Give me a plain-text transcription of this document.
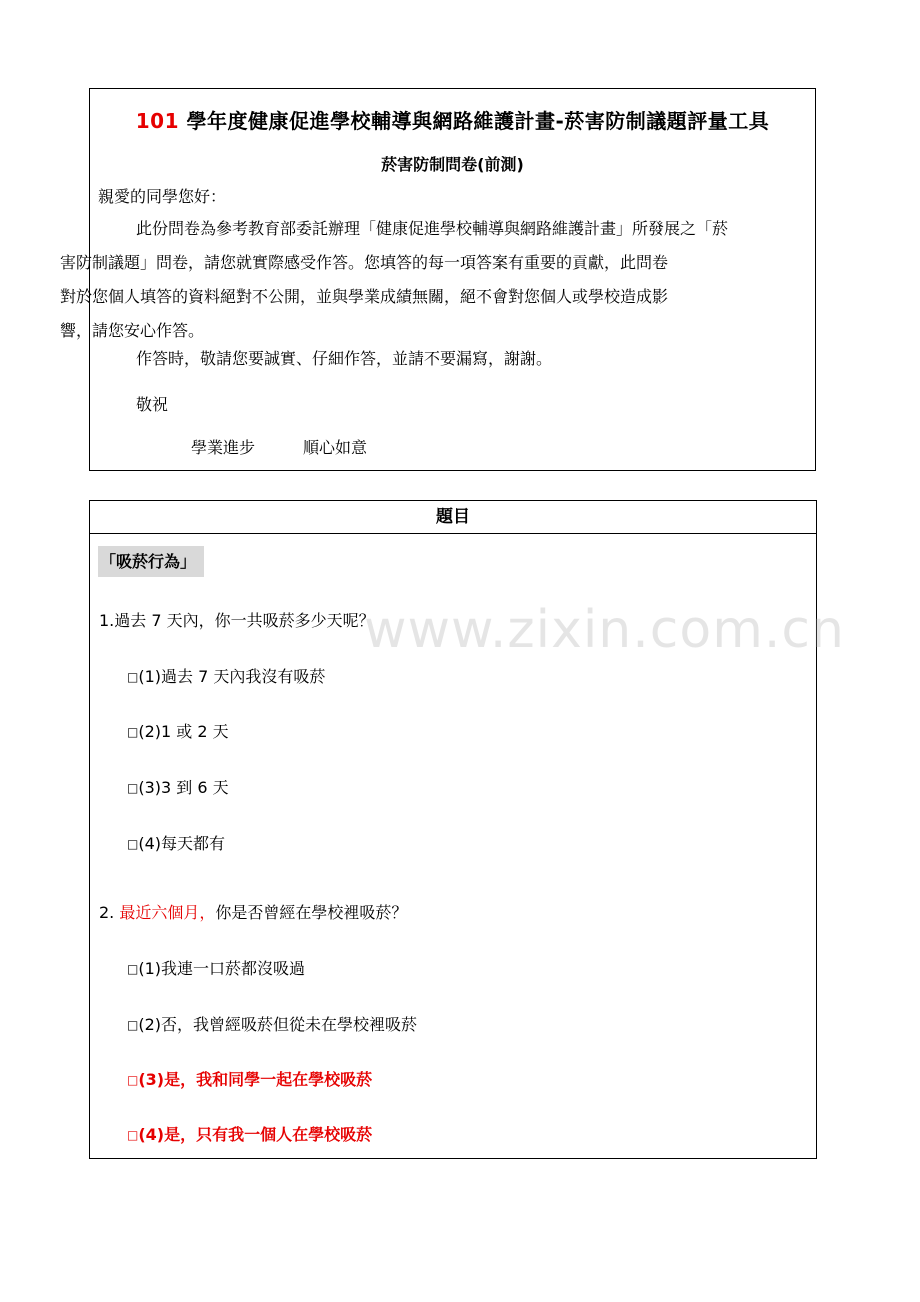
101 學年度健康促進學校輔導與網路維護計畫-菸害防制議題評量工具
菸害防制問卷(前測)
親愛的同學您好：
此份問卷為參考教育部委託辦理「健康促進學校輔導與網路維護計畫」所發展之「菸
害防制議題」問卷，請您就實際感受作答。您填答的每一項答案有重要的貢獻，此問卷
對於您個人填答的資料絕對不公開，並與學業成績無關，絕不會對您個人或學校造成影
響，請您安心作答。
作答時，敬請您要誠實、仔細作答，並請不要漏寫，謝謝。
敬祝
學業進步	順心如意
題目
「吸菸行為」
1.過去 7 天內，你一共吸菸多少天呢？
□(1)過去 7 天內我沒有吸菸
□(2)1 或 2 天
□(3)3 到 6 天
□(4)每天都有
2. 最近六個月，你是否曾經在學校裡吸菸？
□(1)我連一口菸都沒吸過
□(2)否，我曾經吸菸但從未在學校裡吸菸
□(3)是，我和同學一起在學校吸菸
□(4)是，只有我一個人在學校吸菸
www.zixin.com.cn
